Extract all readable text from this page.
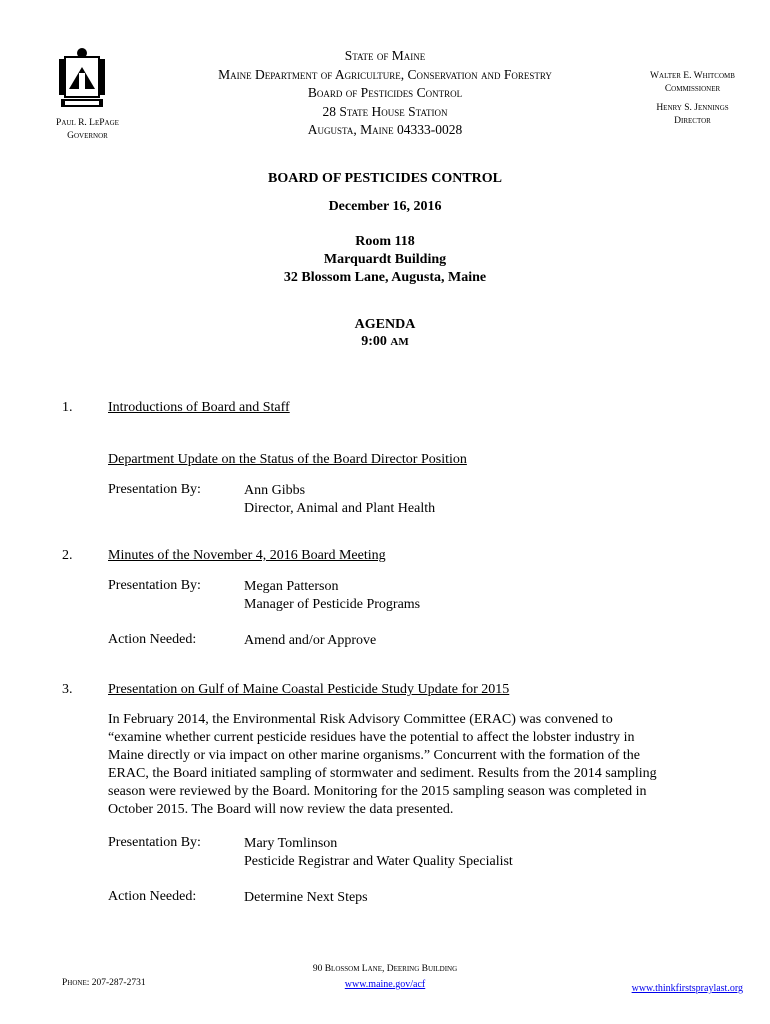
Paul R. LePage
Governor
State of Maine
Maine Department of Agriculture, Conservation and Forestry
Board of Pesticides Control
28 State House Station
Augusta, Maine 04333-0028
Walter E. Whitcomb
Commissioner
Henry S. Jennings
Director
BOARD OF PESTICIDES CONTROL
December 16, 2016
Room 118
Marquardt Building
32 Blossom Lane, Augusta, Maine
AGENDA
9:00 AM
1.	Introductions of Board and Staff
Department Update on the Status of the Board Director Position
Presentation By:	Ann Gibbs
Director, Animal and Plant Health
2.	Minutes of the November 4, 2016 Board Meeting
Presentation By:	Megan Patterson
Manager of Pesticide Programs
Action Needed:	Amend and/or Approve
3.	Presentation on Gulf of Maine Coastal Pesticide Study Update for 2015
In February 2014, the Environmental Risk Advisory Committee (ERAC) was convened to
“examine whether current pesticide residues have the potential to affect the lobster industry in
Maine directly or via impact on other marine organisms.” Concurrent with the formation of the
ERAC, the Board initiated sampling of stormwater and sediment. Results from the 2014 sampling
season were reviewed by the Board. Monitoring for the 2015 sampling season was completed in
October 2015. The Board will now review the data presented.
Presentation By:	Mary Tomlinson
Pesticide Registrar and Water Quality Specialist
Action Needed:	Determine Next Steps
Phone: 207-287-2731
90 Blossom Lane, Deering Building
www.maine.gov/acf	www.thinkfirstspraylast.org
